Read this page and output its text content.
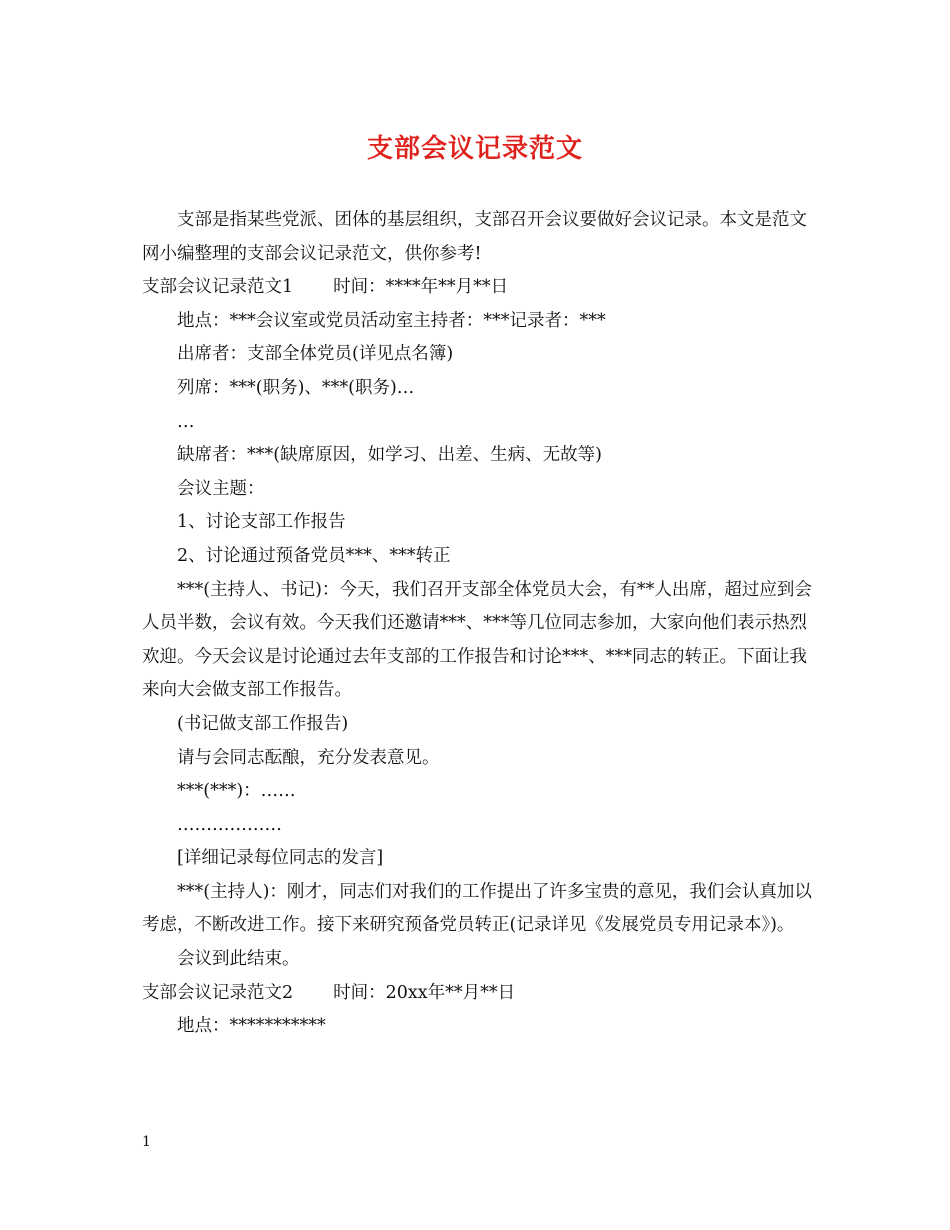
支部会议记录范文

支部是指某些党派、团体的基层组织，支部召开会议要做好会议记录。本文是范文网小编整理的支部会议记录范文，供你参考!

支部会议记录范文1 时间：****年**月**日

地点：***会议室或党员活动室主持者：***记录者：***

出席者：支部全体党员(详见点名簿)

列席：***(职务)、***(职务)…

…

缺席者：***(缺席原因，如学习、出差、生病、无故等)

会议主题：

1、讨论支部工作报告

2、讨论通过预备党员***、***转正

***(主持人、书记)：今天，我们召开支部全体党员大会，有**人出席，超过应到会人员半数，会议有效。今天我们还邀请***、***等几位同志参加，大家向他们表示热烈欢迎。今天会议是讨论通过去年支部的工作报告和讨论***、***同志的转正。下面让我来向大会做支部工作报告。

(书记做支部工作报告)

请与会同志酝酿，充分发表意见。

***(***)：……

………………

[详细记录每位同志的发言]

***(主持人)：刚才，同志们对我们的工作提出了许多宝贵的意见，我们会认真加以考虑，不断改进工作。接下来研究预备党员转正(记录详见《发展党员专用记录本》)。

会议到此结束。

支部会议记录范文2 时间：20xx年**月**日

地点：***********

1
